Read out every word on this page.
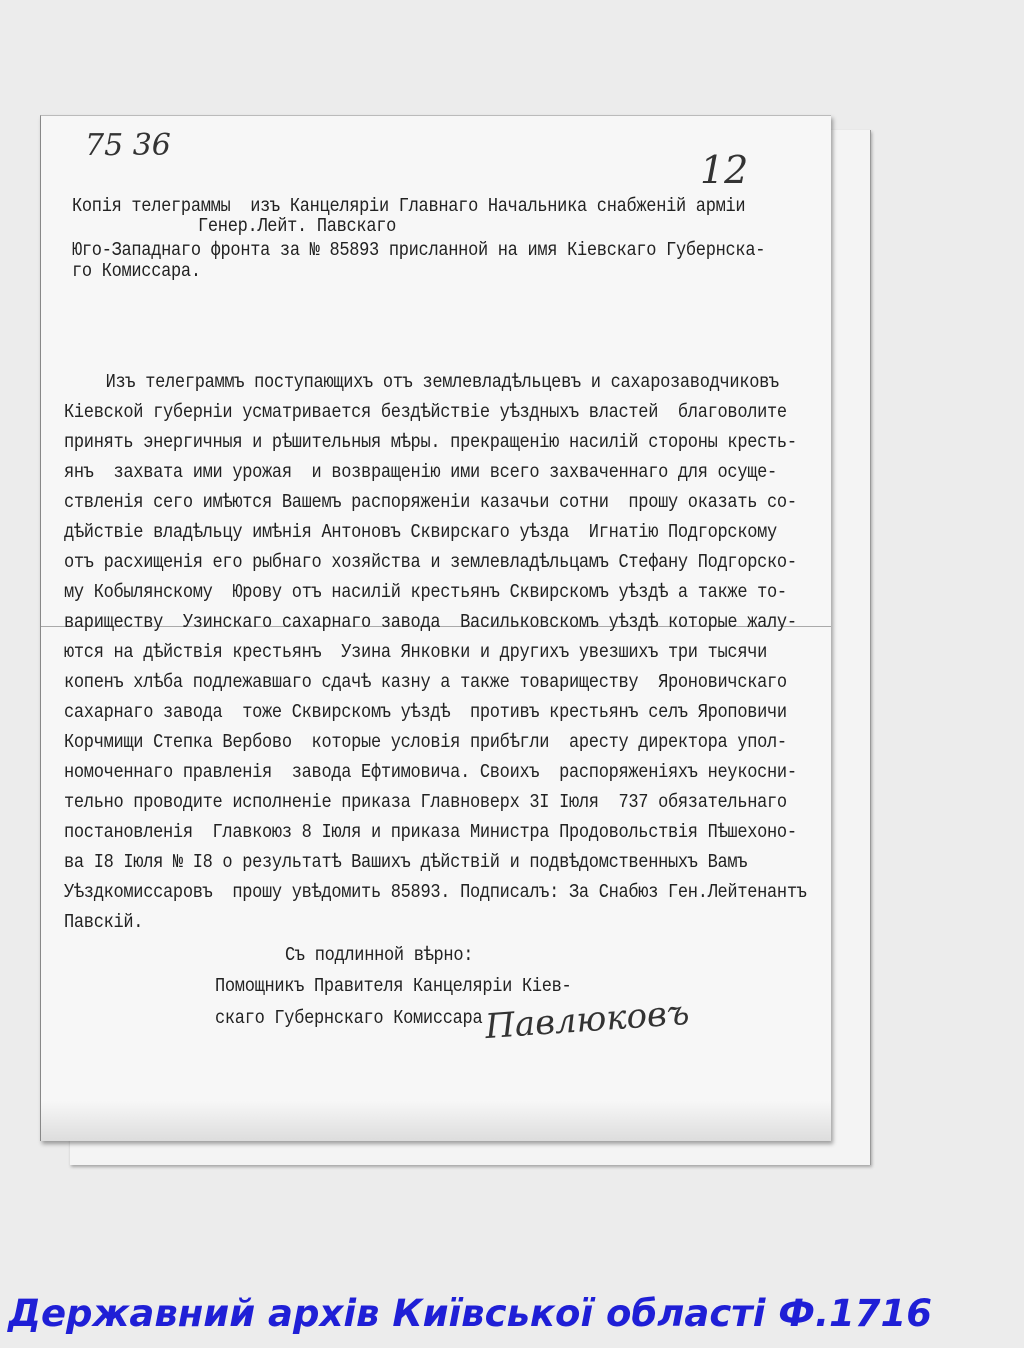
75 36
12
Копія телеграммы  изъ Канцеляріи Главнаго Начальника снабженій арміи
Генер.Лейт. Павскаго
Юго-Западнаго фронта за № 85893 присланной на имя Кіевскаго Губернска-
го Комиссара.
Изъ телеграммъ поступающихъ отъ землевладѣльцевъ и сахарозаводчиковъ
Кіевской губерніи усматривается бездѣйствіе уѣздныхъ властей  благоволите
принять энергичныя и рѣшительныя мѣры. прекращенію насилій стороны кресть-
янъ  захвата ими урожая  и возвращенію ими всего захваченнаго для осуще-
ствленія сего имѣются Вашемъ распоряженіи казачьи сотни  прошу оказать со-
дѣйствіе владѣльцу имѣнія Антоновъ Сквирскаго уѣзда  Игнатію Подгорскому
отъ расхищенія его рыбнаго хозяйства и землевладѣльцамъ Стефану Подгорско-
му Кобылянскому  Юрову отъ насилій крестьянъ Сквирскомъ уѣздѣ а также то-
вариществу  Узинскаго сахарнаго завода  Васильковскомъ уѣздѣ которые жалу-
ются на дѣйствія крестьянъ  Узина Янковки и другихъ увезшихъ три тысячи
копенъ хлѣба подлежавшаго сдачѣ казну а также товариществу  Яроновичскаго
сахарнаго завода  тоже Сквирскомъ уѣздѣ  противъ крестьянъ селъ Яроповичи
Корчмищи Степка Вербово  которые условія прибѣгли  аресту директора упол-
номоченнаго правленія  завода Ефтимовича. Своихъ  распоряженіяхъ неукосни-
тельно проводите исполненіе приказа Главноверх 3I Іюля  737 обязательнаго
постановленія  Главкоюз 8 Іюля и приказа Министра Продовольствія Пѣшехоно-
ва I8 Іюля № I8 о результатѣ Вашихъ дѣйствій и подвѣдомственныхъ Вамъ
Уѣздкомиссаровъ  прошу увѣдомить 85893. Подписалъ: За Снабюз Ген.Лейтенантъ
Павскій.
Съ подлинной вѣрно:
Помощникъ Правителя Канцеляріи Кіев-
скаго Губернскаго Комиссара Павлюковъ
Державний архів Київської області Ф.1716
